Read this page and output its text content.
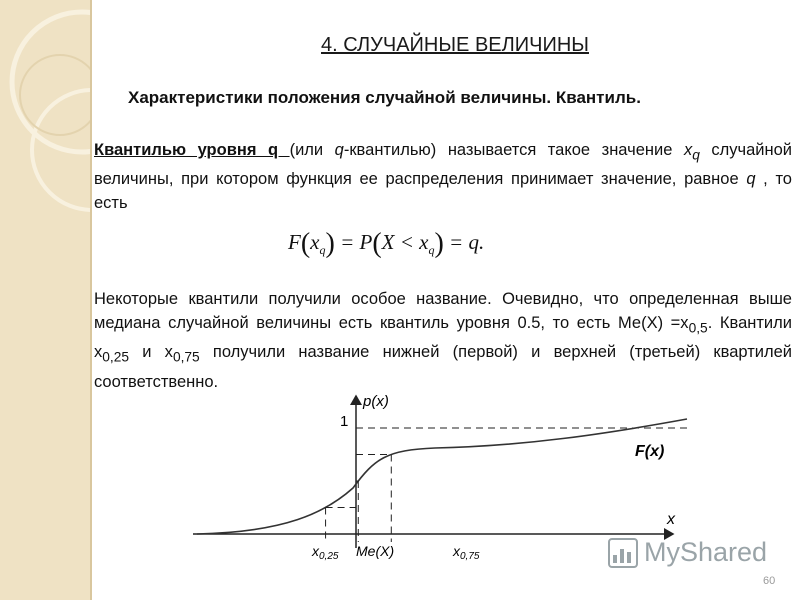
4. СЛУЧАЙНЫЕ ВЕЛИЧИНЫ
Характеристики положения случайной величины. Квантиль.
Квантилью уровня q (или q-квантилью) называется такое значение $x_q$ случайной величины, при котором функция ее распределения принимает значение, равное q , то есть
$F(x_q) = P(X < x_q) = q$.
Некоторые квантили получили особое название. Очевидно, что определенная выше медиана случайной величины есть квантиль уровня 0.5, то есть $Ме(Х) =х_{0,5}$. Квантили $х_{0,25}$ и $х_{0,75}$ получили название нижней (первой) и верхней (третьей) квартилей соответственно.
p(x)
1
x
F(x)
$x_{0,25}$ Me(X)	$x_{0,75}$	MyShared
60
